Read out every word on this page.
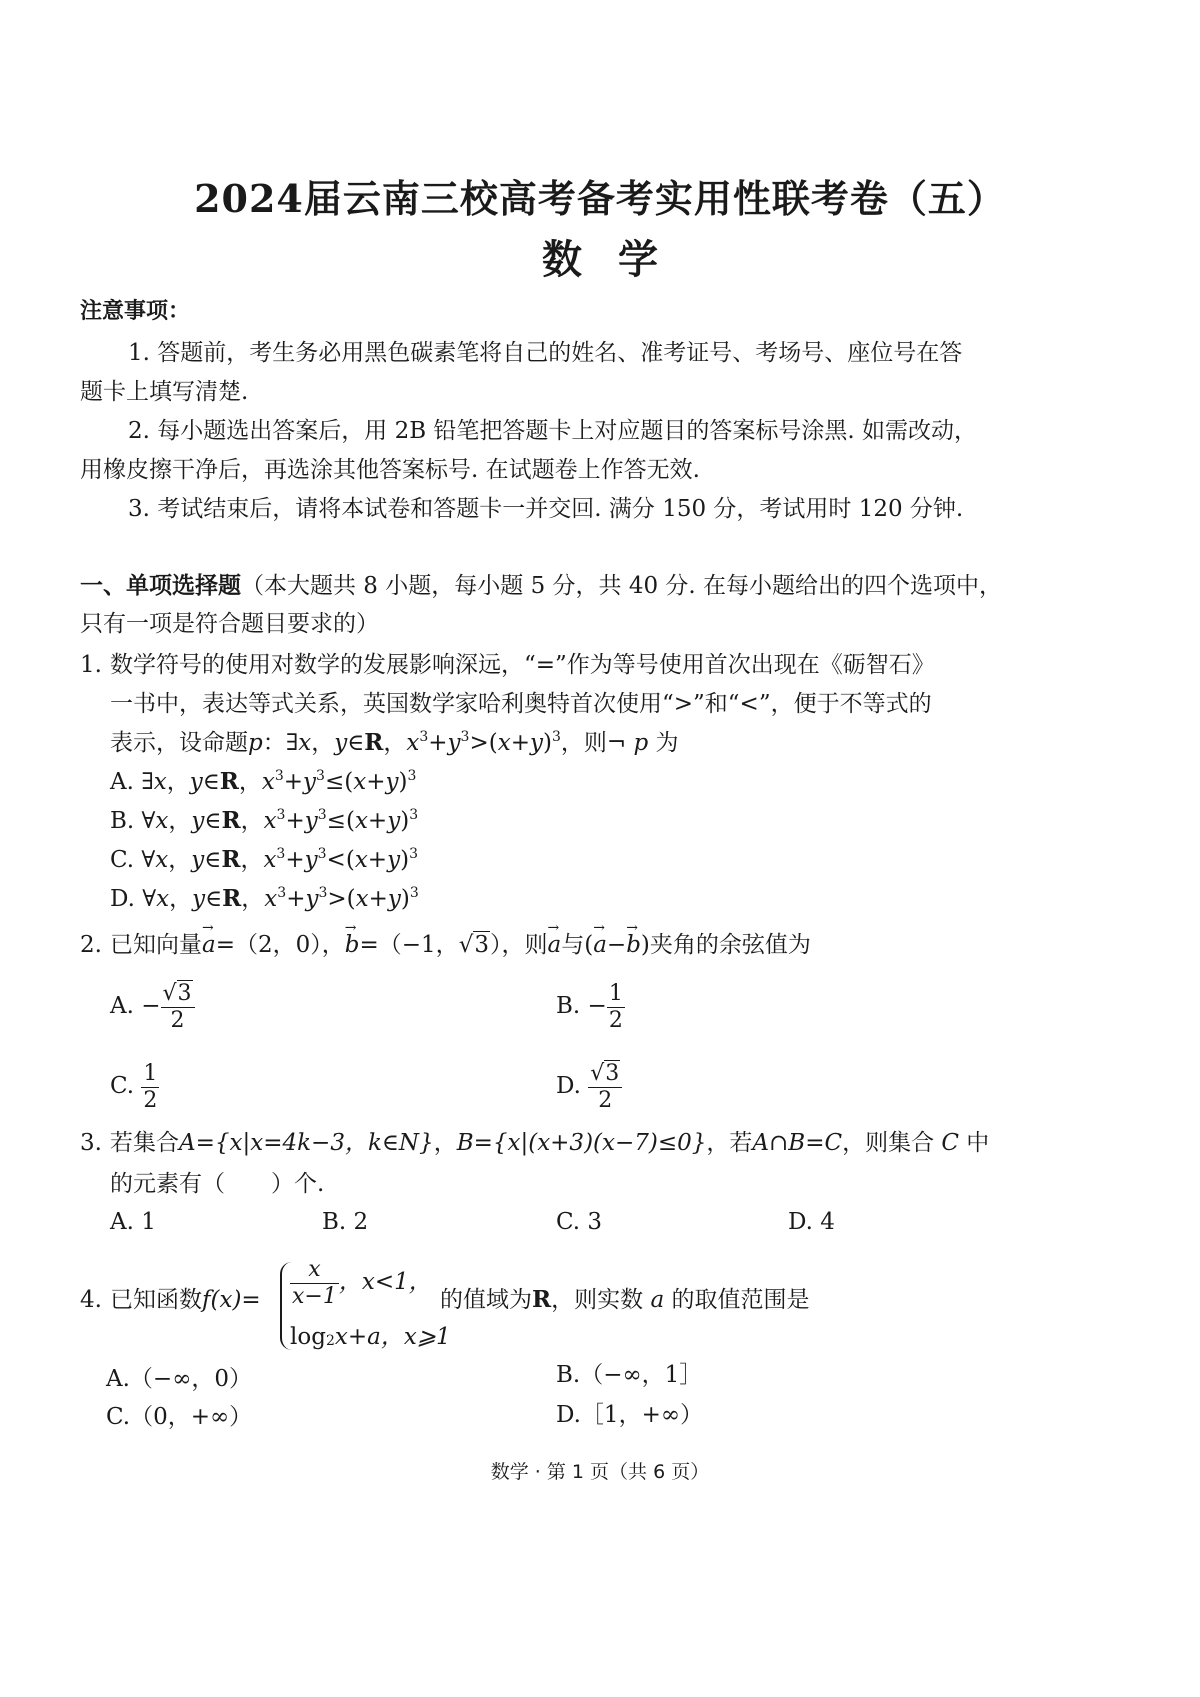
2024届云南三校高考备考实用性联考卷（五）
数学
注意事项：
1. 答题前，考生务必用黑色碳素笔将自己的姓名、准考证号、考场号、座位号在答
题卡上填写清楚.
2. 每小题选出答案后，用 2B 铅笔把答题卡上对应题目的答案标号涂黑. 如需改动，
用橡皮擦干净后，再选涂其他答案标号. 在试题卷上作答无效.
3. 考试结束后，请将本试卷和答题卡一并交回. 满分 150 分，考试用时 120 分钟.
一、单项选择题（本大题共 8 小题，每小题 5 分，共 40 分. 在每小题给出的四个选项中，
只有一项是符合题目要求的）
1. 数学符号的使用对数学的发展影响深远，“=”作为等号使用首次出现在《砺智石》
一书中，表达等式关系，英国数学家哈利奥特首次使用“>”和“<”，便于不等式的
表示，设命题p：∃x，y∈R，$x^3+y^3>(x+y)^3$，则¬ p 为
A. ∃x，y∈R，$x^3+y^3\le(x+y)^3$
B. ∀x，y∈R，$x^3+y^3\le(x+y)^3$
C. ∀x，y∈R，$x^3+y^3<(x+y)^3$
D. ∀x，y∈R，$x^3+y^3>(x+y)^3$
2. 已知向量a →=（2，0），b →=（−1，√3），则a →与(a →−b →)夹角的余弦值为
A. − $\frac{√3}{2}$	B. − $\frac{1}{2}$
C. $\frac{1}{2}$	D. $\frac{√3}{2}$
3. 若集合A={x|x=4k−3，k∈N}，B={x|(x+3)(x−7)≤0}，若A∩B=C，则集合 C 中
的元素有（　　）个.
A. 1	B. 2	C. 3	D. 4
4. 已知函数$f(x)= \frac{x}{x-1}$ ，x<1，
$\log_2x+a$，x⩾1
的值域为R，则实数 a 的取值范围是
A.（−∞，0）	B.（−∞，1］
C.（0，+∞）	D.［1，+∞）
数学 · 第 1 页（共 6 页）
